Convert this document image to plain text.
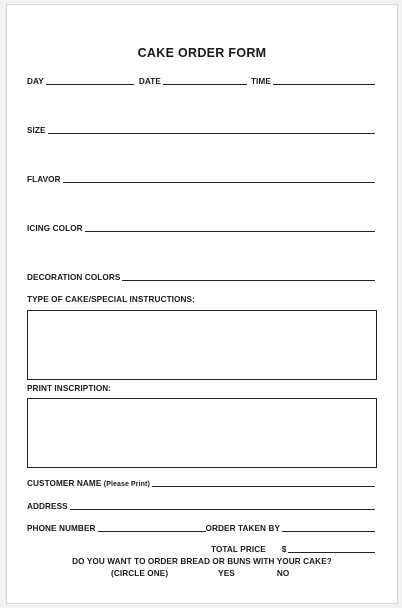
CAKE ORDER FORM
DAY	DATE	TIME
SIZE
FLAVOR
ICING COLOR
DECORATION COLORS
TYPE OF CAKE/SPECIAL INSTRUCTIONS:
PRINT INSCRIPTION:
CUSTOMER NAME (Please Print)
ADDRESS
PHONE NUMBER	ORDER TAKEN BY
TOTAL PRICE	$
DO YOU WANT TO ORDER BREAD OR BUNS WITH YOUR CAKE?
(CIRCLE ONE)	YES	NO
